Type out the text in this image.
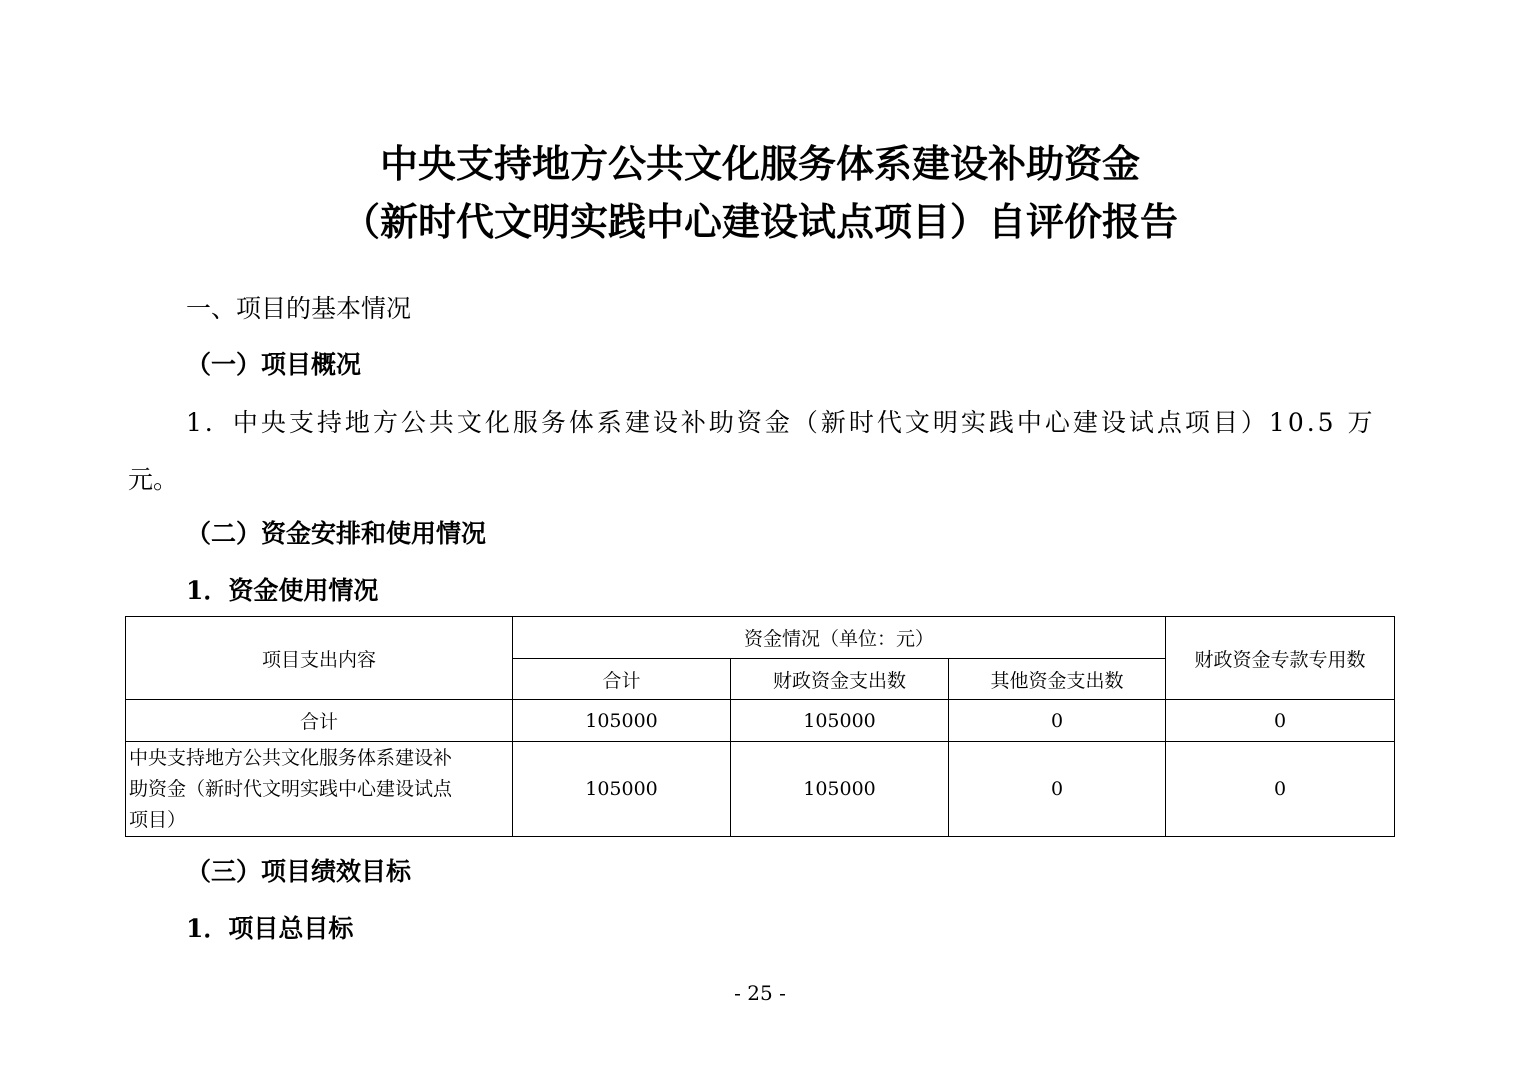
中央支持地方公共文化服务体系建设补助资金
（新时代文明实践中心建设试点项目）自评价报告
一、项目的基本情况
（一）项目概况
1．中央支持地方公共文化服务体系建设补助资金（新时代文明实践中心建设试点项目）10.5 万
元。
（二）资金安排和使用情况
1．资金使用情况
项目支出内容	资金情况（单位：元）			财政资金专款专用数
	合计	财政资金支出数	其他资金支出数	
合计	105000	105000	0	0

中央支持地方公共文化服务体系建设补
助资金（新时代文明实践中心建设试点
项目）	105000	105000	0	0
（三）项目绩效目标
1．项目总目标
- 25 -
